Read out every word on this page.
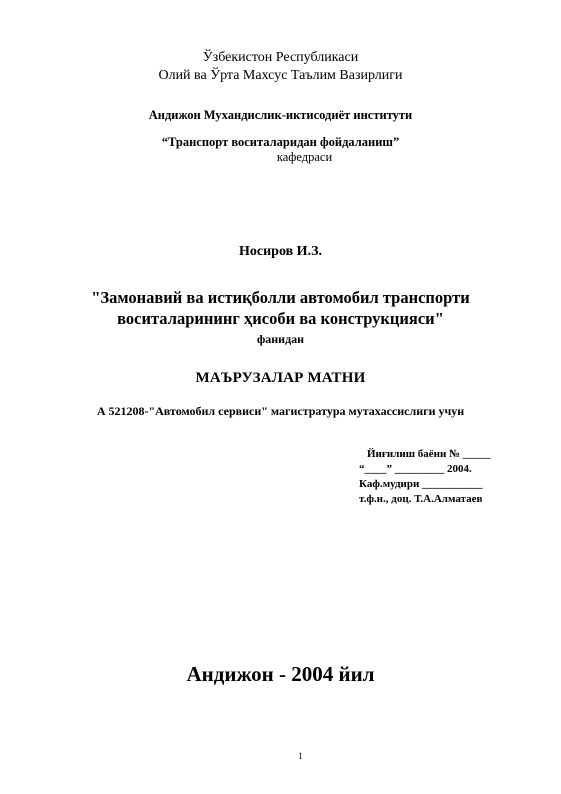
Ўзбекистон Республикаси
Олий ва Ўрта Махсус Таълим Вазирлиги
Андижон Мухандислик-иктисодиёт институти
“Транспорт воситаларидан фойдаланиш”
кафедраси
Носиров И.З.
"Замонавий ва истиқболли автомобил транспорти
воситаларининг ҳисоби ва конструкцияси"
фанидан
МАЪРУЗАЛАР МАТНИ
А 521208-"Автомобил сервиси" магистратура мутахассислиги учун
Йиғилиш баёни № _____
“____” _________ 2004.
Каф.мудири ___________
т.ф.н., доц. Т.А.Алматаев
Андижон - 2004 йил
1
